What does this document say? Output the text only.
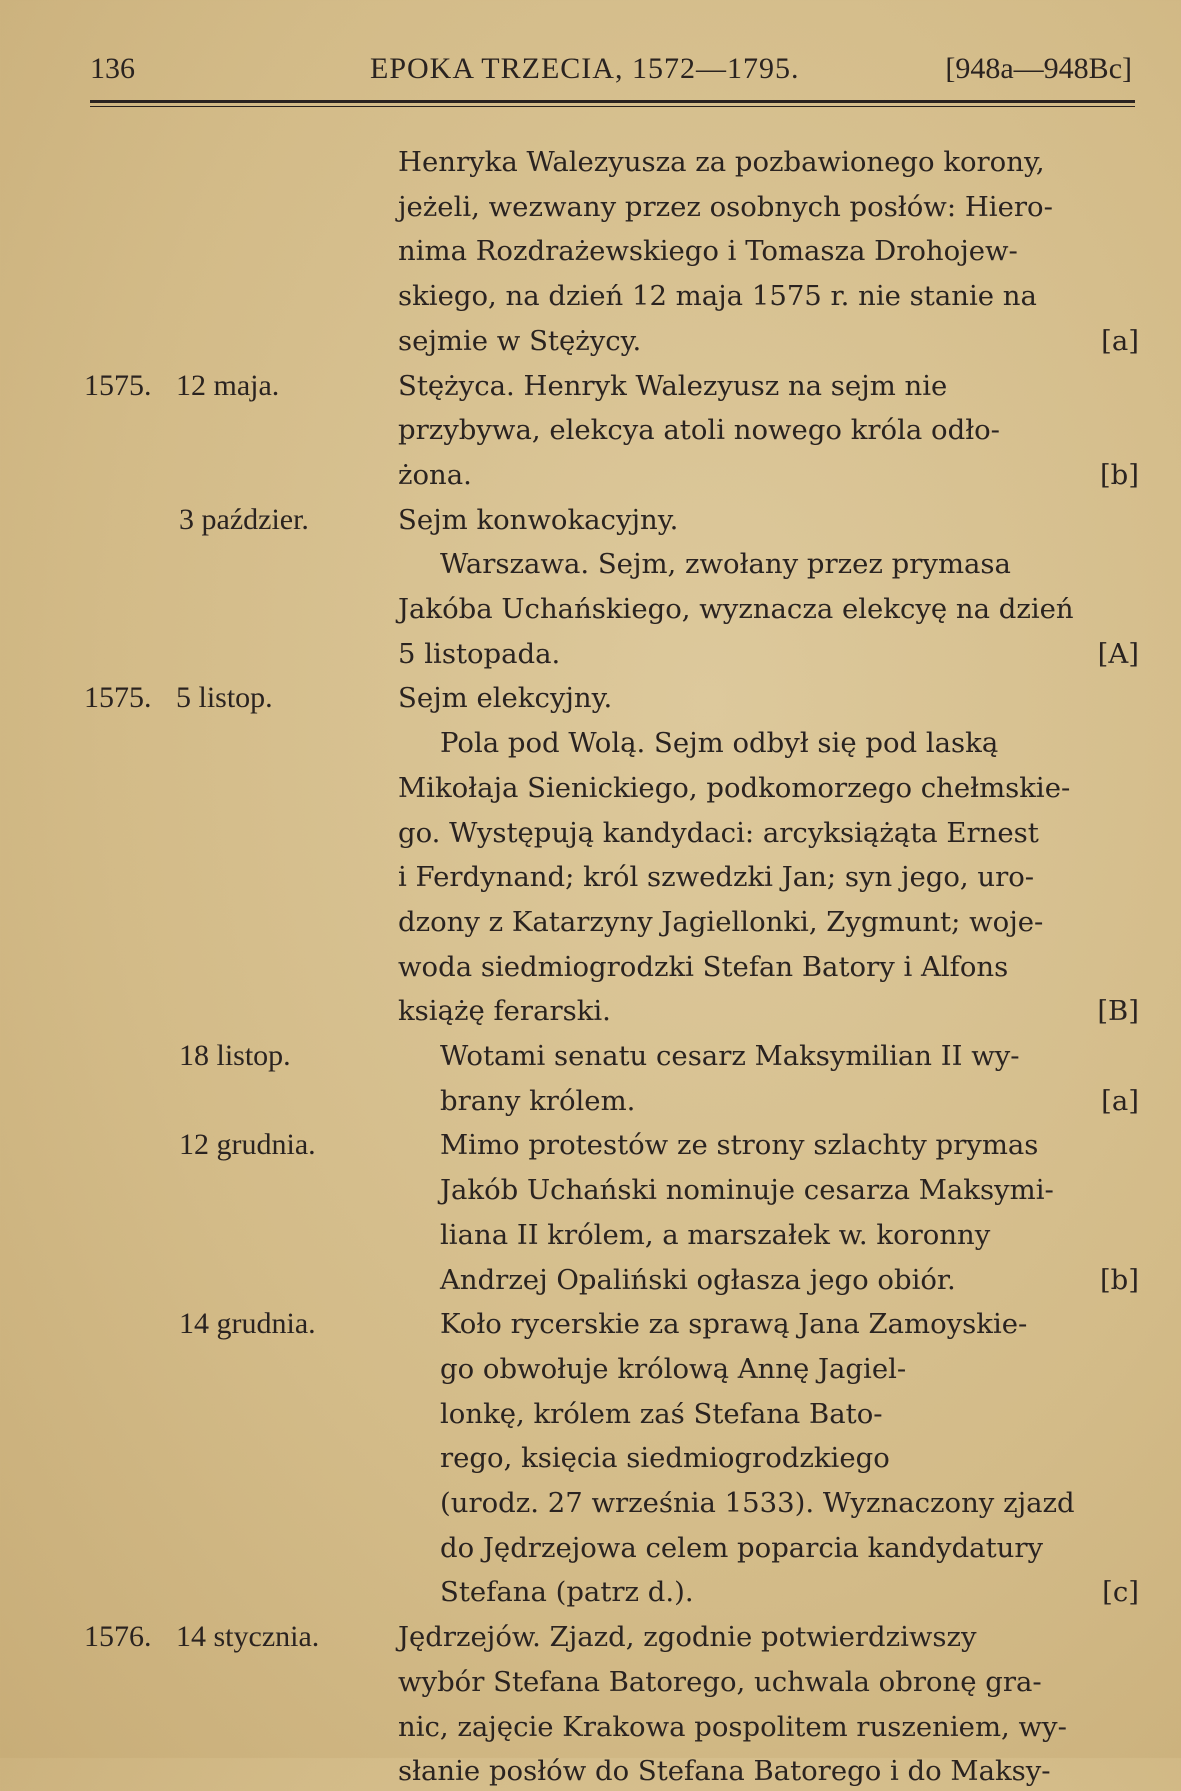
136	EPOKA TRZECIA, 1572—1795.	[948a—948Bc]
Henryka Walezyusza za pozbawionego korony,
jeżeli, wezwany przez osobnych posłów: Hiero-
nima Rozdrażewskiego i Tomasza Drohojew-
skiego, na dzień 12 maja 1575 r. nie stanie na
sejmie w Stężycy.	[a]
1575. 12 maja.	Stężyca. Henryk Walezyusz na sejm nie
przybywa, elekcya atoli nowego króla odło-
żona.	[b]
3 paździer.	Sejm konwokacyjny.
Warszawa. Sejm, zwołany przez prymasa
Jakóba Uchańskiego, wyznacza elekcyę na dzień
5 listopada.	[A]
1575. 5 listop.	Sejm elekcyjny.
Pola pod Wolą. Sejm odbył się pod laską
Mikołaja Sienickiego, podkomorzego chełmskie-
go. Występują kandydaci: arcyksiążąta Ernest
i Ferdynand; król szwedzki Jan; syn jego, uro-
dzony z Katarzyny Jagiellonki, Zygmunt; woje-
woda siedmiogrodzki Stefan Batory i Alfons
książę ferarski.	[B]
18 listop.	Wotami senatu cesarz Maksymilian II wy-
brany królem.	[a]
12 grudnia.	Mimo protestów ze strony szlachty prymas
Jakób Uchański nominuje cesarza Maksymi-
liana II królem, a marszałek w. koronny
Andrzej Opaliński ogłasza jego obiór.	[b]
14 grudnia.	Koło rycerskie za sprawą Jana Zamoyskie-
go obwołuje królową Annę Jagiel-
lonkę, królem zaś Stefana Bato-
rego, księcia siedmiogrodzkiego
(urodz. 27 września 1533). Wyznaczony zjazd
do Jędrzejowa celem poparcia kandydatury
Stefana (patrz d.).	[c]
1576. 14 stycznia.	Jędrzejów. Zjazd, zgodnie potwierdziwszy
wybór Stefana Batorego, uchwala obronę gra-
nic, zajęcie Krakowa pospolitem ruszeniem, wy-
słanie posłów do Stefana Batorego i do Maksy-
